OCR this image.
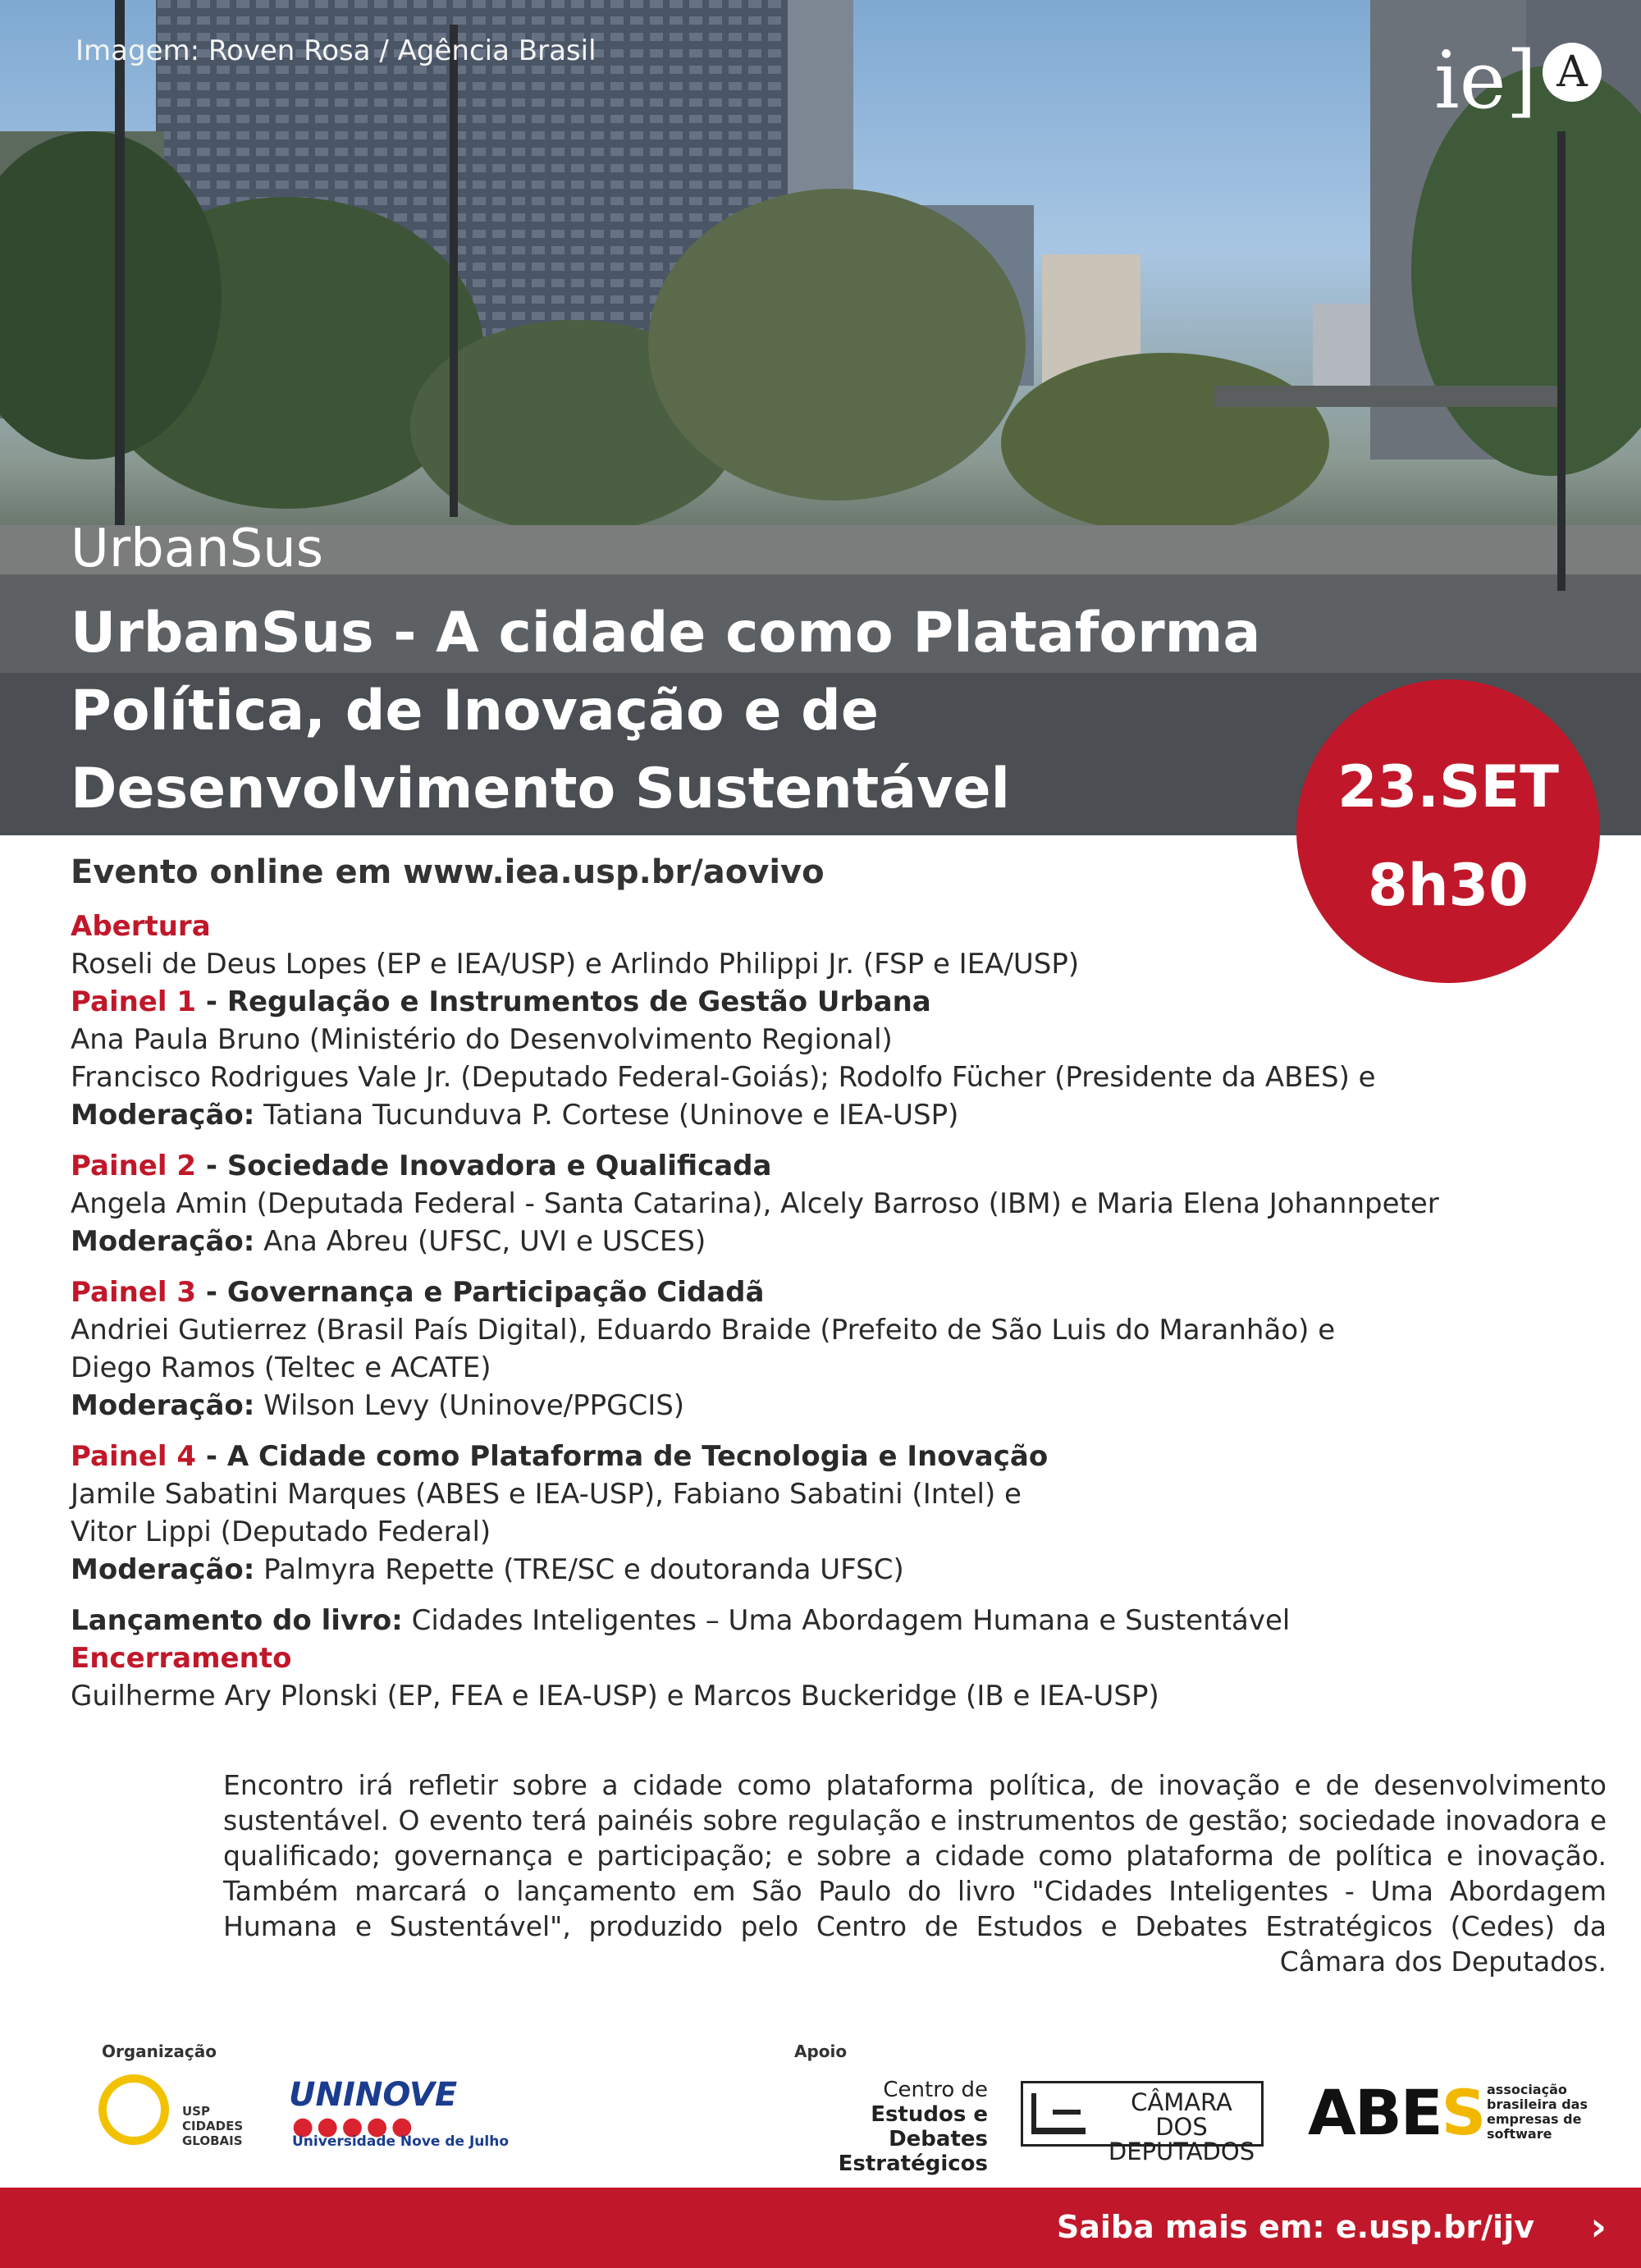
Imagem: Roven Rosa / Agência Brasil	ie] A
UrbanSus
UrbanSus - A cidade como Plataforma
Política, de Inovação e de
Desenvolvimento Sustentável	23.SET
8h30
Evento online em www.iea.usp.br/aovivo
Abertura
Roseli de Deus Lopes (EP e IEA/USP) e Arlindo Philippi Jr. (FSP e IEA/USP)
Painel 1 - Regulação e Instrumentos de Gestão Urbana
Ana Paula Bruno (Ministério do Desenvolvimento Regional)
Francisco Rodrigues Vale Jr. (Deputado Federal-Goiás); Rodolfo Fücher (Presidente da ABES) e
Moderação: Tatiana Tucunduva P. Cortese (Uninove e IEA-USP)
Painel 2 - Sociedade Inovadora e Qualificada
Angela Amin (Deputada Federal - Santa Catarina), Alcely Barroso (IBM) e Maria Elena Johannpeter
Moderação: Ana Abreu (UFSC, UVI e USCES)
Painel 3 - Governança e Participação Cidadã
Andriei Gutierrez (Brasil País Digital), Eduardo Braide (Prefeito de São Luis do Maranhão) e
Diego Ramos (Teltec e ACATE)
Moderação: Wilson Levy (Uninove/PPGCIS)
Painel 4 - A Cidade como Plataforma de Tecnologia e Inovação
Jamile Sabatini Marques (ABES e IEA-USP), Fabiano Sabatini (Intel) e
Vitor Lippi (Deputado Federal)
Moderação: Palmyra Repette (TRE/SC e doutoranda UFSC)
Lançamento do livro: Cidades Inteligentes – Uma Abordagem Humana e Sustentável
Encerramento
Guilherme Ary Plonski (EP, FEA e IEA-USP) e Marcos Buckeridge (IB e IEA-USP)
Encontro irá refletir sobre a cidade como plataforma política, de inovação e de desenvolvimento sustentável. O evento terá painéis sobre regulação e instrumentos de gestão; sociedade inovadora e qualificado; governança e participação; e sobre a cidade como plataforma de política e inovação. Também marcará o lançamento em São Paulo do livro "Cidades Inteligentes - Uma Abordagem Humana e Sustentável", produzido pelo Centro de Estudos e Debates Estratégicos (Cedes) da Câmara dos Deputados.
Organização	Apoio
USP
CIDADES
GLOBAIS
UNINOVE
●●●●●
Universidade Nove de Julho
Centro de
Estudos e Debates
Estratégicos
CÂMARA DOS
DEPUTADOS
ABES associação
brasileira das
empresas de
software
Saiba mais em: e.usp.br/ijv ›
